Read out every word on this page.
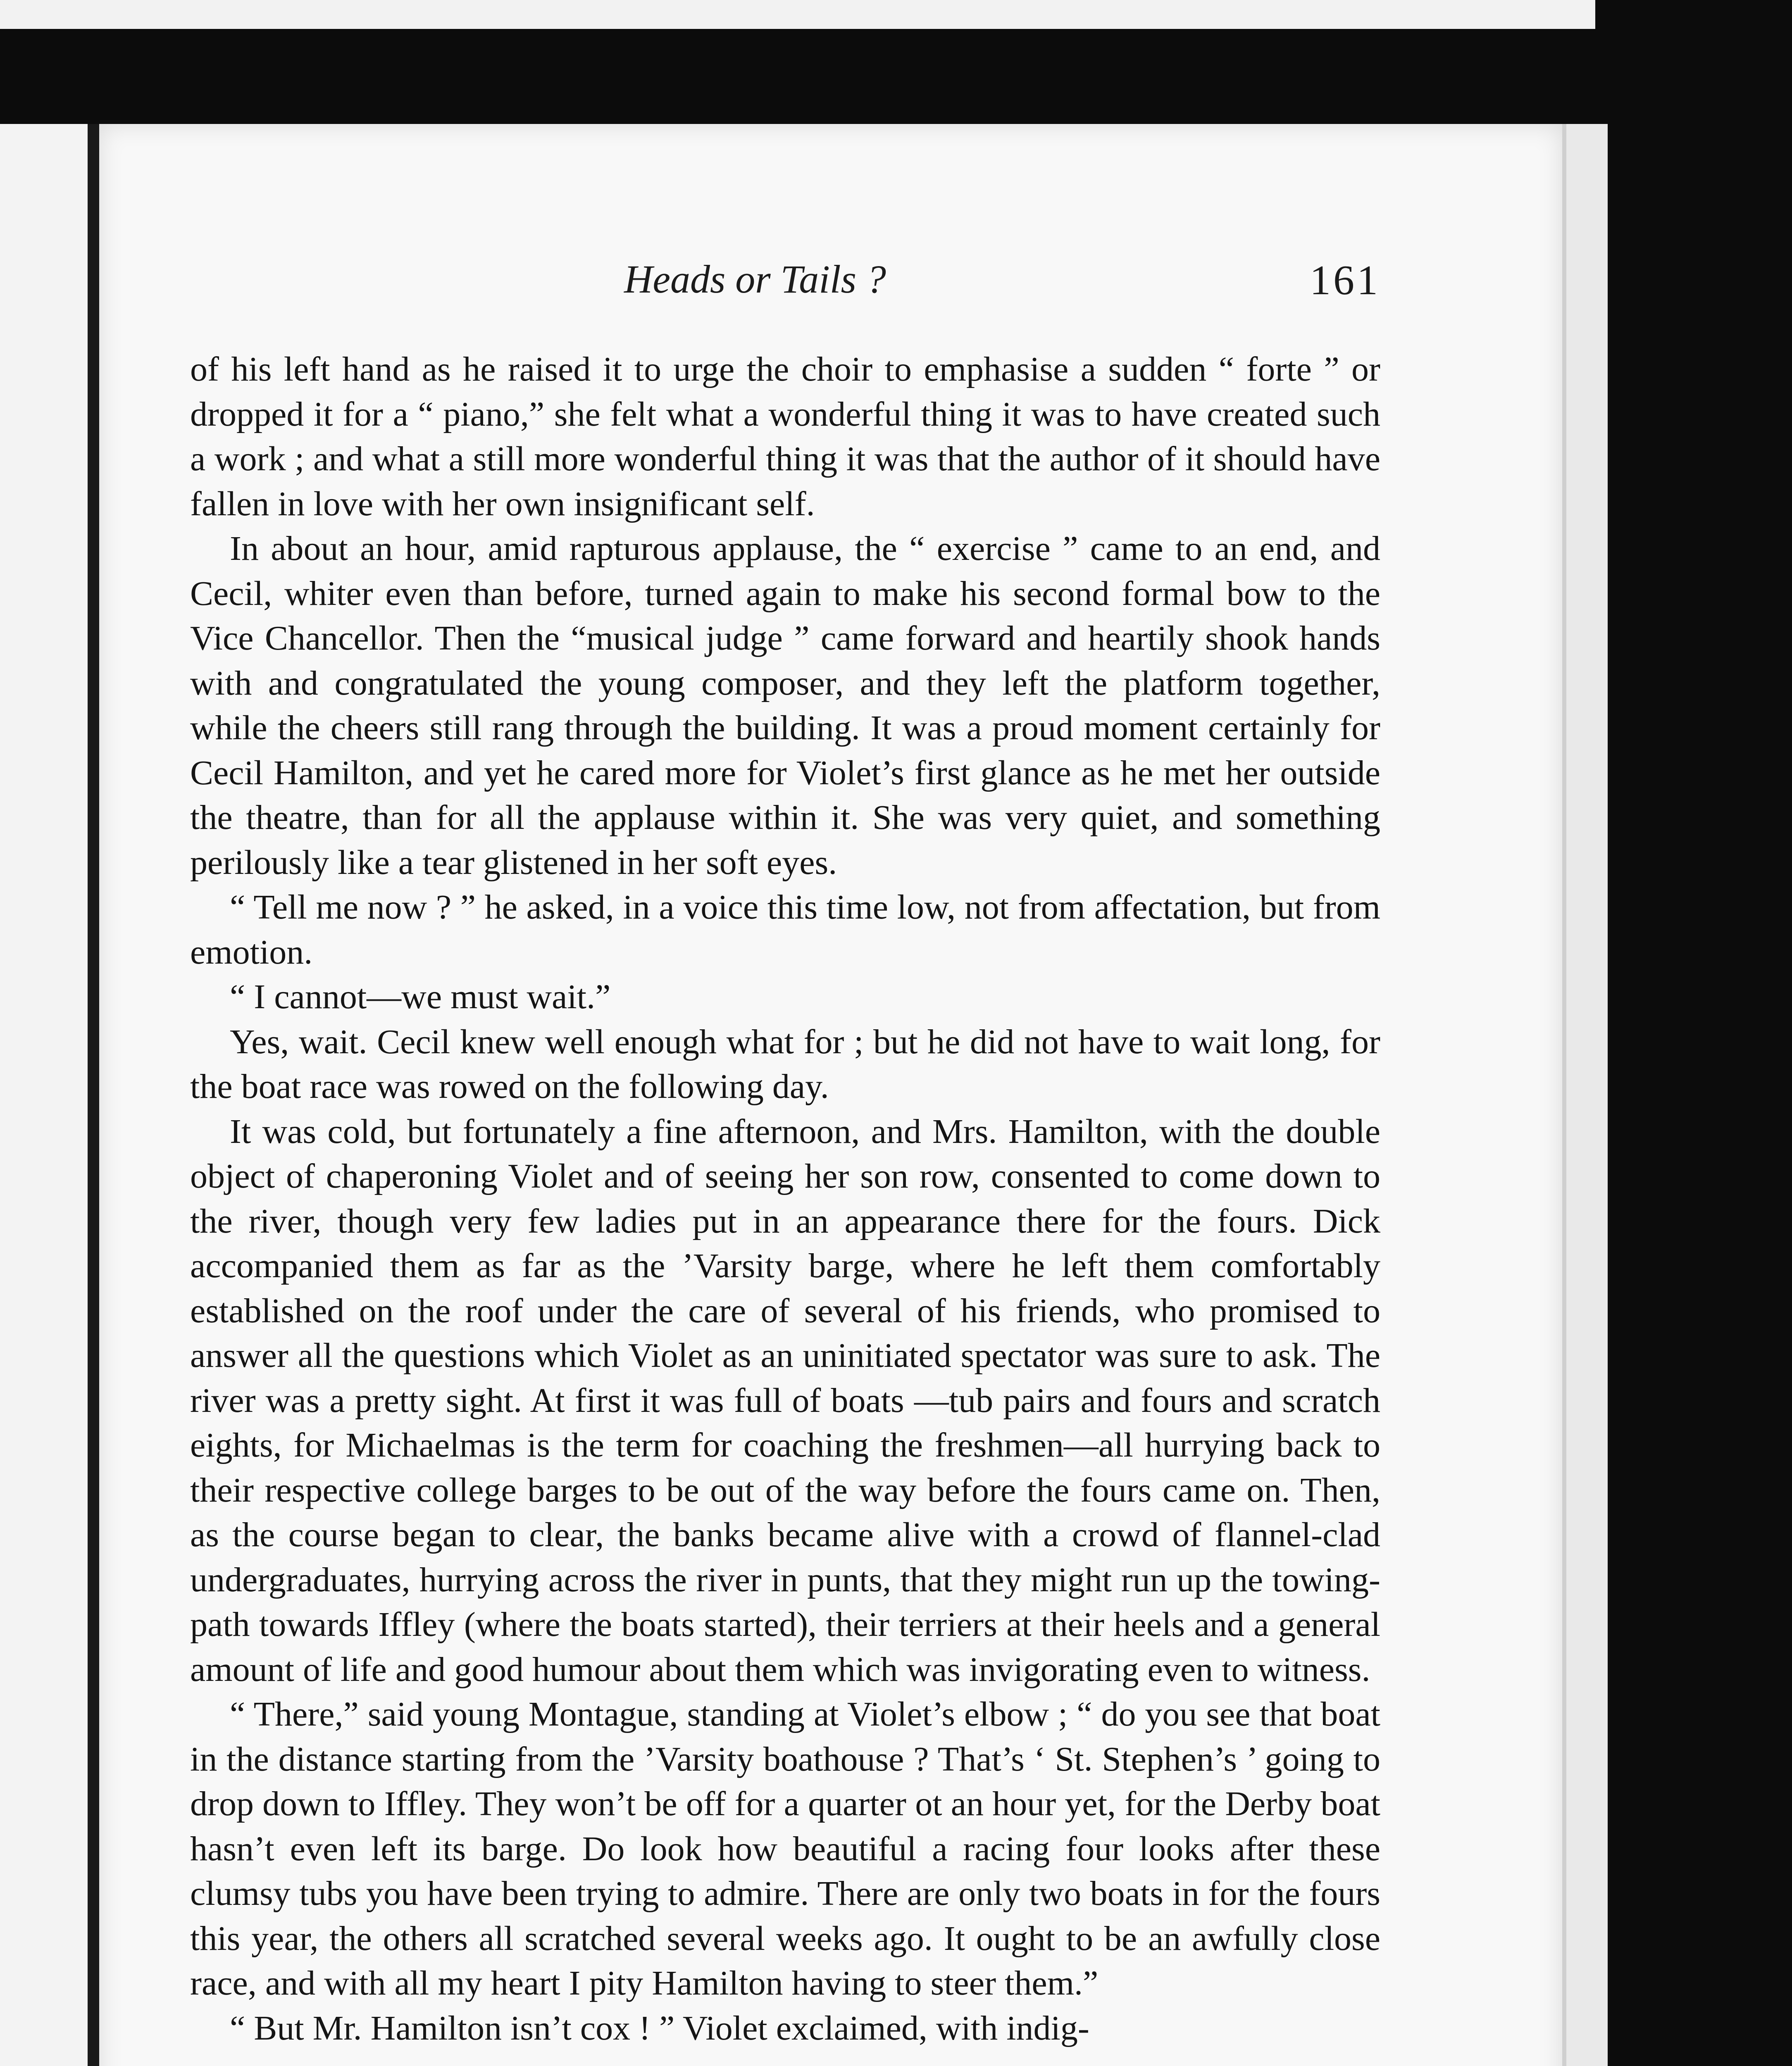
Heads or Tails ?	161

of his left hand as he raised it to urge the choir to emphasise a sudden “ forte ” or dropped it for a “ piano,” she felt what a wonderful thing it was to have created such a work ; and what a still more wonderful thing it was that the author of it should have fallen in love with her own insignificant self.

In about an hour, amid rapturous applause, the “ exercise ” came to an end, and Cecil, whiter even than before, turned again to make his second formal bow to the Vice Chancellor. Then the “musical judge ” came forward and heartily shook hands with and congratulated the young composer, and they left the platform together, while the cheers still rang through the building. It was a proud moment certainly for Cecil Hamilton, and yet he cared more for Violet’s first glance as he met her outside the theatre, than for all the applause within it. She was very quiet, and something perilously like a tear glistened in her soft eyes.

“ Tell me now ? ” he asked, in a voice this time low, not from affectation, but from emotion.

“ I cannot—we must wait.”

Yes, wait. Cecil knew well enough what for ; but he did not have to wait long, for the boat race was rowed on the following day.

It was cold, but fortunately a fine afternoon, and Mrs. Hamilton, with the double object of chaperoning Violet and of seeing her son row, consented to come down to the river, though very few ladies put in an appearance there for the fours. Dick accompanied them as far as the ’Varsity barge, where he left them comfortably established on the roof under the care of several of his friends, who promised to answer all the questions which Violet as an uninitiated spectator was sure to ask. The river was a pretty sight. At first it was full of boats —tub pairs and fours and scratch eights, for Michaelmas is the term for coaching the freshmen—all hurrying back to their respective college barges to be out of the way before the fours came on. Then, as the course began to clear, the banks became alive with a crowd of flannel-clad undergraduates, hurrying across the river in punts, that they might run up the towing-path towards Iffley (where the boats started), their terriers at their heels and a general amount of life and good humour about them which was invigorating even to witness.

“ There,” said young Montague, standing at Violet’s elbow ; “ do you see that boat in the distance starting from the ’Varsity boathouse ? That’s ‘ St. Stephen’s ’ going to drop down to Iffley. They won’t be off for a quarter ot an hour yet, for the Derby boat hasn’t even left its barge. Do look how beautiful a racing four looks after these clumsy tubs you have been trying to admire. There are only two boats in for the fours this year, the others all scratched several weeks ago. It ought to be an awfully close race, and with all my heart I pity Hamilton having to steer them.”

“ But Mr. Hamilton isn’t cox ! ” Violet exclaimed, with indig-
